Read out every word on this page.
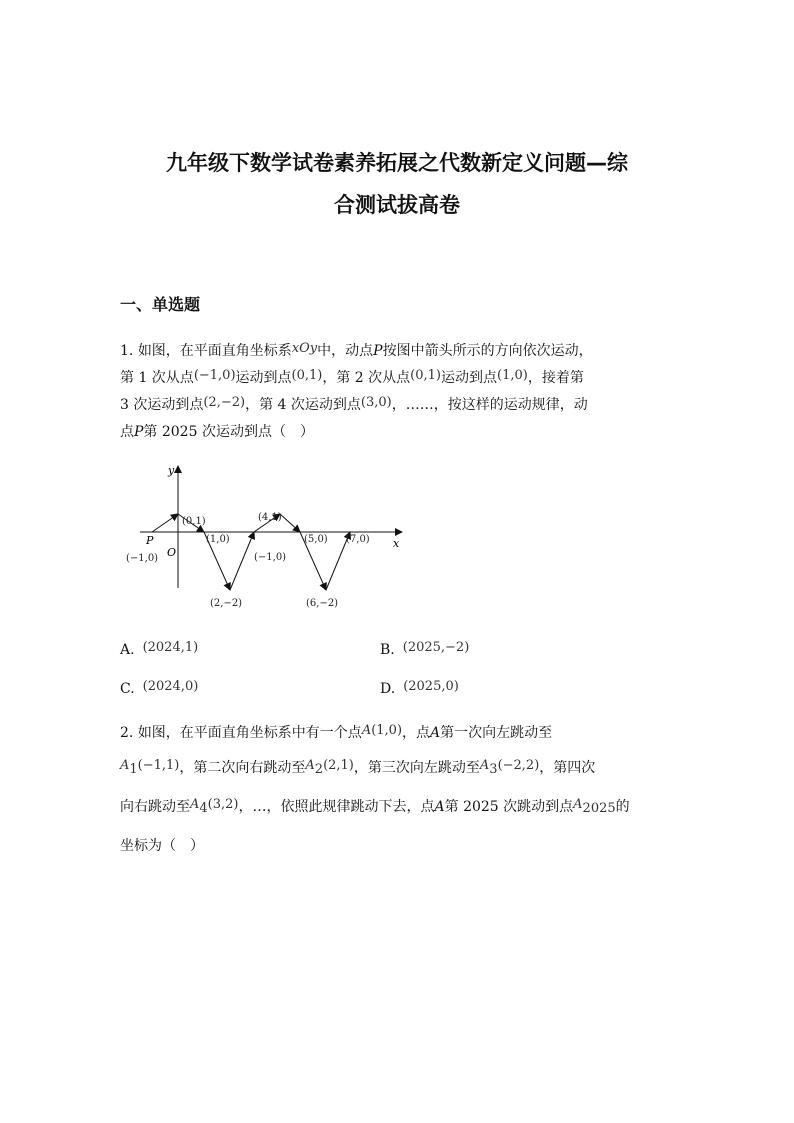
九年级下数学试卷素养拓展之代数新定义问题—综
合测试拔高卷
一、单选题
1. 如图，在平面直角坐标系xOy中，动点P按图中箭头所示的方向依次运动，
第 1 次从点(−1,0)运动到点(0,1)，第 2 次从点(0,1)运动到点(1,0)，接着第
3 次运动到点(2,−2)，第 4 次运动到点(3,0)，……，按这样的运动规律，动
点P第 2025 次运动到点（　）
x
y
O
P
(−1,0)
(0,1)
(1,0)
(2,−2)
(4,1)
(−1,0)
(5,0)
(6,−2)
(7,0)
A. (2024,1)	B. (2025,−2)
C. (2024,0)	D. (2025,0)
2. 如图，在平面直角坐标系中有一个点A(1,0)，点A第一次向左跳动至
$A_1(-1,1)$，第二次向右跳动至$A_2(2,1)$，第三次向左跳动至$A_3(-2,2)$，第四次
向右跳动至$A_4(3,2)$，…，依照此规律跳动下去，点A第 2025 次跳动到点$A_{2025}$的
坐标为（　）
